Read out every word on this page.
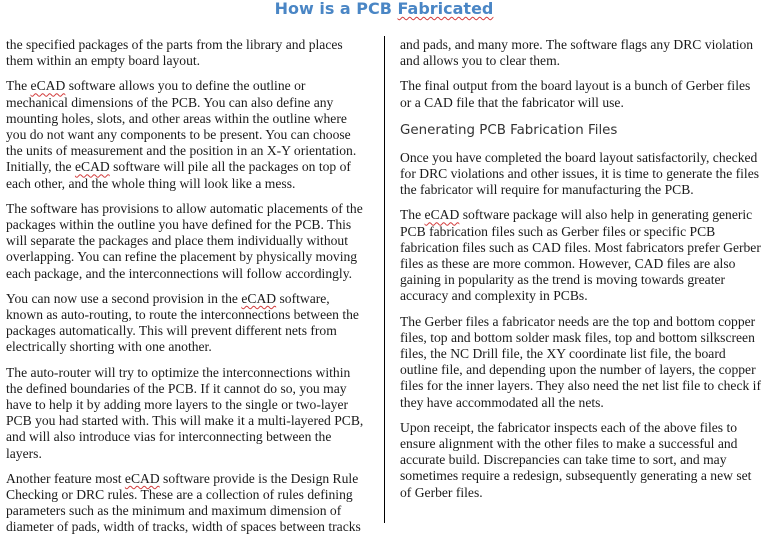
How is a PCB Fabricated

the specified packages of the parts from the library and places them within an empty board layout.

The eCAD software allows you to define the outline or mechanical dimensions of the PCB. You can also define any mounting holes, slots, and other areas within the outline where you do not want any components to be present. You can choose the units of measurement and the position in an X-Y orientation. Initially, the eCAD software will pile all the packages on top of each other, and the whole thing will look like a mess.

The software has provisions to allow automatic placements of the packages within the outline you have defined for the PCB. This will separate the packages and place them individually without overlapping. You can refine the placement by physically moving each package, and the interconnections will follow accordingly.

You can now use a second provision in the eCAD software, known as auto-routing, to route the interconnections between the packages automatically. This will prevent different nets from electrically shorting with one another.

The auto-router will try to optimize the interconnections within the defined boundaries of the PCB. If it cannot do so, you may have to help it by adding more layers to the single or two-layer PCB you had started with. This will make it a multi-layered PCB, and will also introduce vias for interconnecting between the layers.

Another feature most eCAD software provide is the Design Rule Checking or DRC rules. These are a collection of rules defining parameters such as the minimum and maximum dimension of diameter of pads, width of tracks, width of spaces between tracks

and pads, and many more. The software flags any DRC violation and allows you to clear them.

The final output from the board layout is a bunch of Gerber files or a CAD file that the fabricator will use.

Generating PCB Fabrication Files

Once you have completed the board layout satisfactorily, checked for DRC violations and other issues, it is time to generate the files the fabricator will require for manufacturing the PCB.

The eCAD software package will also help in generating generic PCB fabrication files such as Gerber files or specific PCB fabrication files such as CAD files. Most fabricators prefer Gerber files as these are more common. However, CAD files are also gaining in popularity as the trend is moving towards greater accuracy and complexity in PCBs.

The Gerber files a fabricator needs are the top and bottom copper files, top and bottom solder mask files, top and bottom silkscreen files, the NC Drill file, the XY coordinate list file, the board outline file, and depending upon the number of layers, the copper files for the inner layers. They also need the net list file to check if they have accommodated all the nets.

Upon receipt, the fabricator inspects each of the above files to ensure alignment with the other files to make a successful and accurate build. Discrepancies can take time to sort, and may sometimes require a redesign, subsequently generating a new set of Gerber files.
